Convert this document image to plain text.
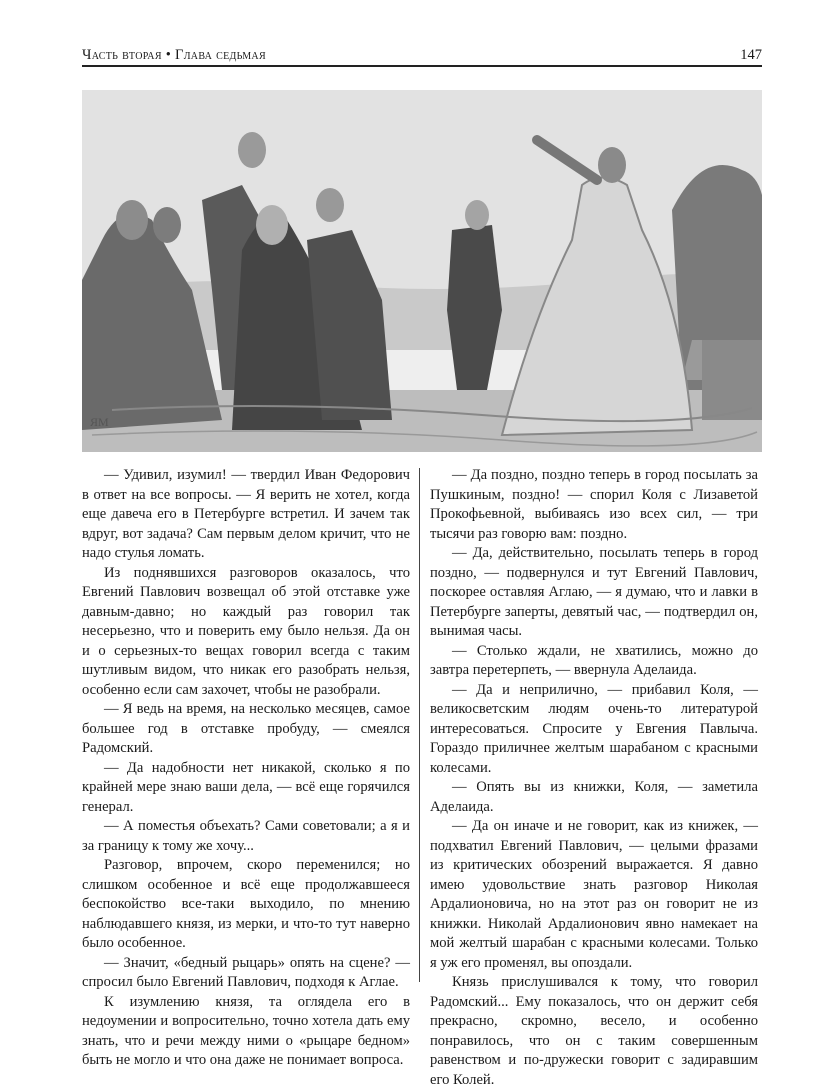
Часть вторая • Глава седьмая	147
ЯМ

— Удивил, изумил! — твердил Иван Федорович в ответ на все вопросы. — Я верить не хотел, когда еще давеча его в Петербурге встретил. И зачем так вдруг, вот задача? Сам первым делом кричит, что не надо стулья ломать.

Из поднявшихся разговоров оказалось, что Евгений Павлович возвещал об этой отставке уже давным-давно; но каждый раз говорил так несерьезно, что и поверить ему было нельзя. Да он и о серьезных-то вещах говорил всегда с таким шутливым видом, что никак его разобрать нельзя, особенно если сам захочет, чтобы не разобрали.

— Я ведь на время, на несколько месяцев, самое большее год в отставке пробуду, — смеялся Радомский.

— Да надобности нет никакой, сколько я по крайней мере знаю ваши дела, — всё еще горячился генерал.

— А поместья объехать? Сами советовали; а я и за границу к тому же хочу...

Разговор, впрочем, скоро переменился; но слишком особенное и всё еще продолжавшееся беспокойство все-таки выходило, по мнению наблюдавшего князя, из мерки, и что-то тут наверно было особенное.

— Значит, «бедный рыцарь» опять на сцене? — спросил было Евгений Павлович, подходя к Аглае.

К изумлению князя, та оглядела его в недоумении и вопросительно, точно хотела дать ему знать, что и речи между ними о «рыцаре бедном» быть не могло и что она даже не понимает вопроса.

— Да поздно, поздно теперь в город посылать за Пушкиным, поздно! — спорил Коля с Лизаветой Прокофьевной, выбиваясь изо всех сил, — три тысячи раз говорю вам: поздно.

— Да, действительно, посылать теперь в город поздно, — подвернулся и тут Евгений Павлович, поскорее оставляя Аглаю, — я думаю, что и лавки в Петербурге заперты, девятый час, — подтвердил он, вынимая часы.

— Столько ждали, не хватились, можно до завтра перетерпеть, — ввернула Аделаида.

— Да и неприлично, — прибавил Коля, — великосветским людям очень-то литературой интересоваться. Спросите у Евгения Павлыча. Гораздо приличнее желтым шарабаном с красными колесами.

— Опять вы из книжки, Коля, — заметила Аделаида.

— Да он иначе и не говорит, как из книжек, — подхватил Евгений Павлович, — целыми фразами из критических обозрений выражается. Я давно имею удовольствие знать разговор Николая Ардалионовича, но на этот раз он говорит не из книжки. Николай Ардалионович явно намекает на мой желтый шарабан с красными колесами. Только я уж его променял, вы опоздали.

Князь прислушивался к тому, что говорил Радомский... Ему показалось, что он держит себя прекрасно, скромно, весело, и особенно понравилось, что он с таким совершенным равенством и по-дружески говорит с задиравшим его Колей.
